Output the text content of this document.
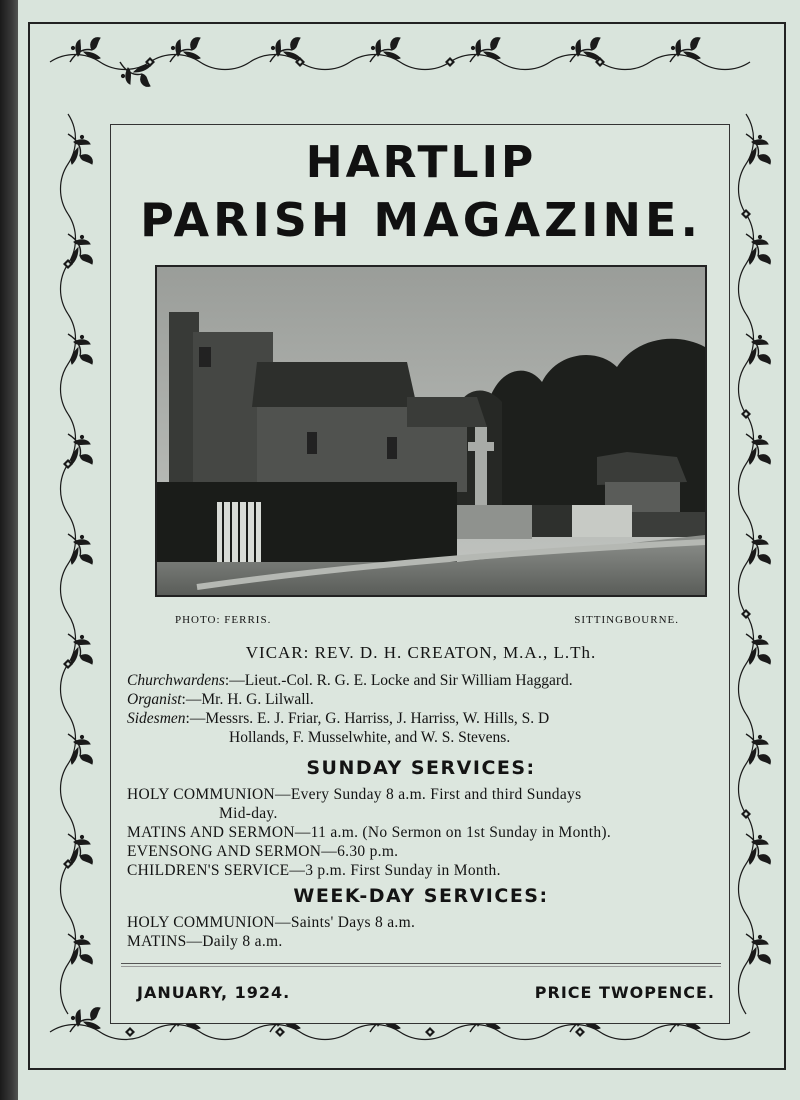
HARTLIP
PARISH MAGAZINE.
PHOTO: FERRIS.	SITTINGBOURNE.
VICAR: REV. D. H. CREATON, M.A., L.Th.
Churchwardens:—Lieut.-Col. R. G. E. Locke and Sir William Haggard.
Organist:—Mr. H. G. Lilwall.
Sidesmen:—Messrs. E. J. Friar, G. Harriss, J. Harriss, W. Hills, S. D
Hollands, F. Musselwhite, and W. S. Stevens.
SUNDAY SERVICES:
HOLY COMMUNION—Every Sunday 8 a.m. First and third Sundays
Mid-day.
MATINS AND SERMON—11 a.m. (No Sermon on 1st Sunday in Month).
EVENSONG AND SERMON—6.30 p.m.
CHILDREN'S SERVICE—3 p.m. First Sunday in Month.
WEEK-DAY SERVICES:
HOLY COMMUNION—Saints' Days 8 a.m.
MATINS—Daily 8 a.m.
JANUARY, 1924.	PRICE TWOPENCE.
